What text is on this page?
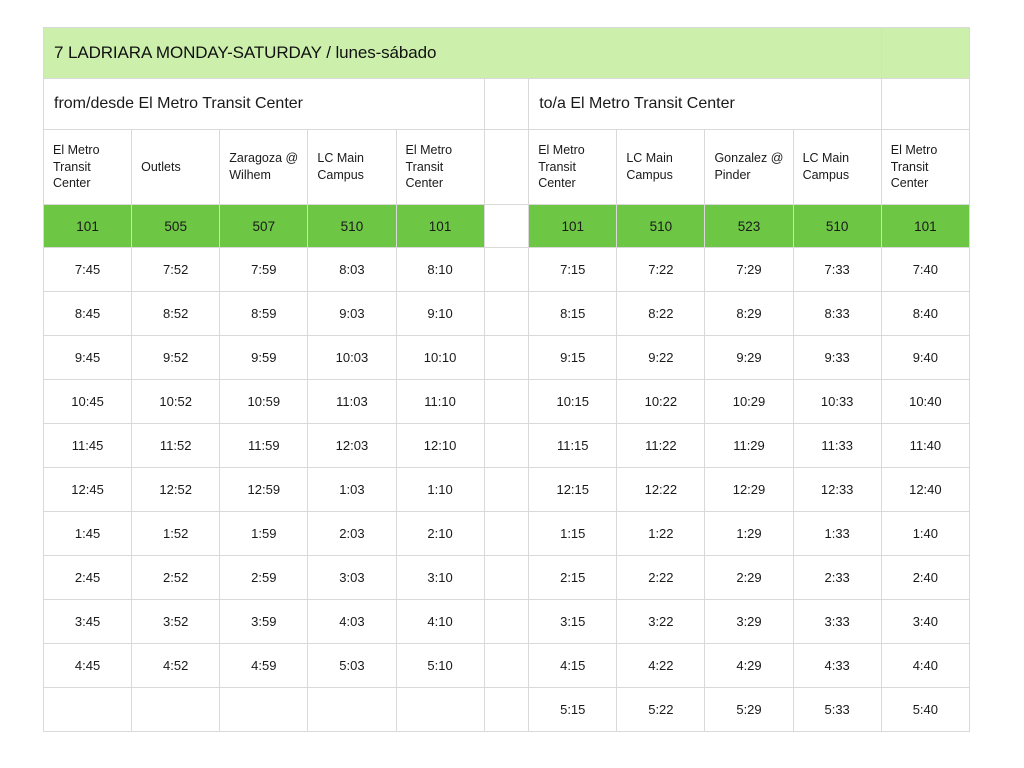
7 LADRIARA MONDAY-SATURDAY / lunes-sábado										
from/desde El Metro Transit Center						to/a El Metro Transit Center				
El Metro Transit Center	Outlets	Zaragoza @ Wilhem	LC Main Campus	El Metro Transit Center		El Metro Transit Center	LC Main Campus	Gonzalez @ Pinder	LC Main Campus	El Metro Transit Center
101	505	507	510	101		101	510	523	510	101
7:45	7:52	7:59	8:03	8:10		7:15	7:22	7:29	7:33	7:40
8:45	8:52	8:59	9:03	9:10		8:15	8:22	8:29	8:33	8:40
9:45	9:52	9:59	10:03	10:10		9:15	9:22	9:29	9:33	9:40
10:45	10:52	10:59	11:03	11:10		10:15	10:22	10:29	10:33	10:40
11:45	11:52	11:59	12:03	12:10		11:15	11:22	11:29	11:33	11:40
12:45	12:52	12:59	1:03	1:10		12:15	12:22	12:29	12:33	12:40
1:45	1:52	1:59	2:03	2:10		1:15	1:22	1:29	1:33	1:40
2:45	2:52	2:59	3:03	3:10		2:15	2:22	2:29	2:33	2:40
3:45	3:52	3:59	4:03	4:10		3:15	3:22	3:29	3:33	3:40
4:45	4:52	4:59	5:03	5:10		4:15	4:22	4:29	4:33	4:40
						5:15	5:22	5:29	5:33	5:40
